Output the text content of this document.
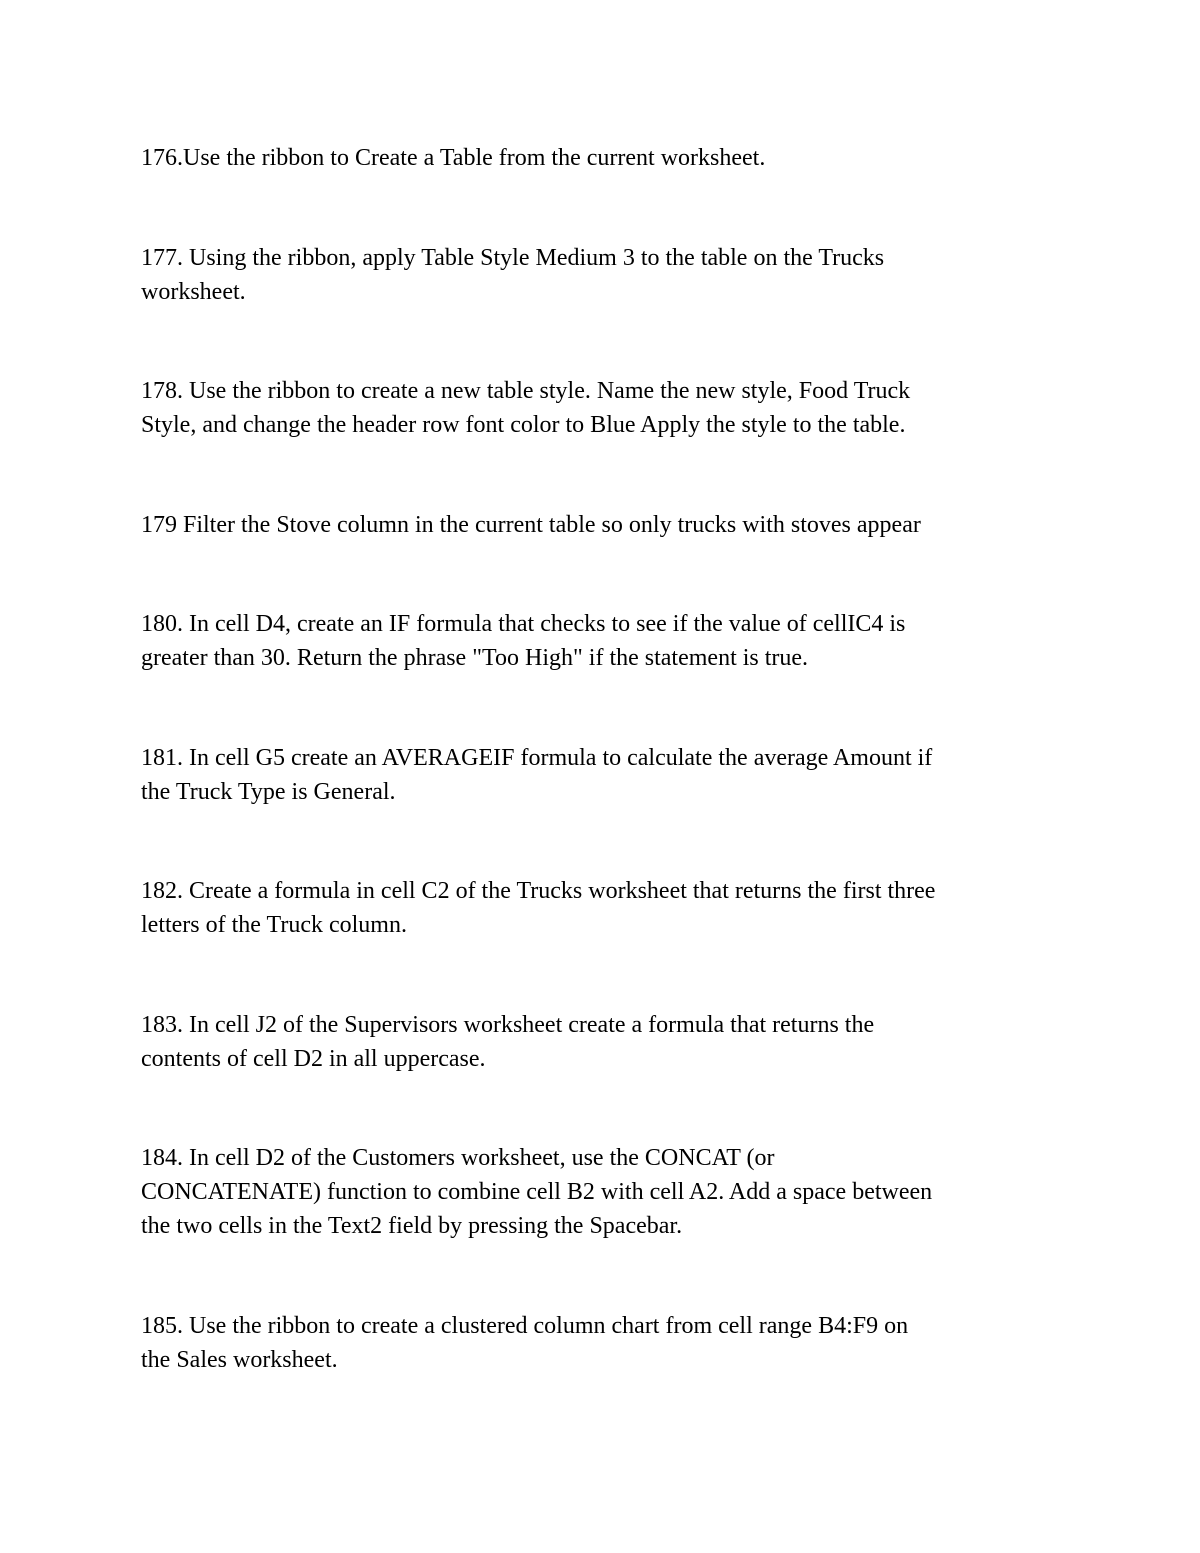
176.Use the ribbon to Create a Table from the current worksheet.

177. Using the ribbon, apply Table Style Medium 3 to the table on the Trucks
worksheet.

178. Use the ribbon to create a new table style. Name the new style, Food Truck
Style, and change the header row font color to Blue Apply the style to the table.

179 Filter the Stove column in the current table so only trucks with stoves appear

180. In cell D4, create an IF formula that checks to see if the value of cellIC4 is
greater than 30. Return the phrase "Too High" if the statement is true.

181. In cell G5 create an AVERAGEIF formula to calculate the average Amount if
the Truck Type is General.

182. Create a formula in cell C2 of the Trucks worksheet that returns the first three
letters of the Truck column.

183. In cell J2 of the Supervisors worksheet create a formula that returns the
contents of cell D2 in all uppercase.

184. In cell D2 of the Customers worksheet, use the CONCAT (or
CONCATENATE) function to combine cell B2 with cell A2. Add a space between
the two cells in the Text2 field by pressing the Spacebar.

185. Use the ribbon to create a clustered column chart from cell range B4:F9 on
the Sales worksheet.
